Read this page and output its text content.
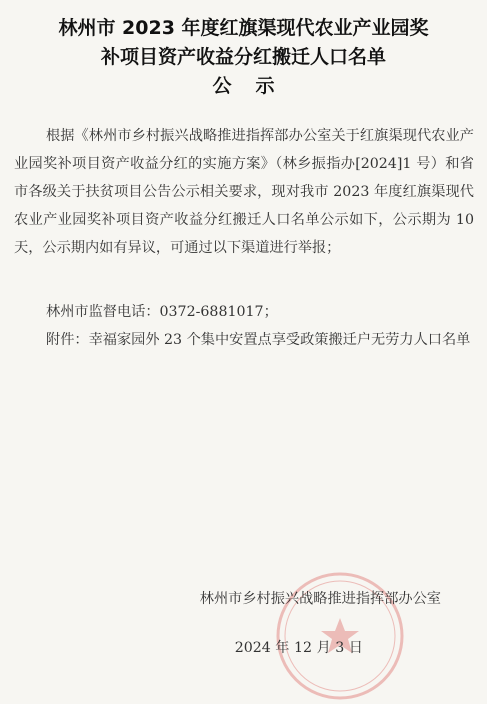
林州市 2023 年度红旗渠现代农业产业园奖
补项目资产收益分红搬迁人口名单
公示
根据《林州市乡村振兴战略推进指挥部办公室关于红旗渠现代农业产业园奖补项目资产收益分红的实施方案》（林乡振指办[2024]1 号）和省市各级关于扶贫项目公告公示相关要求，现对我市 2023 年度红旗渠现代农业产业园奖补项目资产收益分红搬迁人口名单公示如下，公示期为 10 天，公示期内如有异议，可通过以下渠道进行举报；
林州市监督电话：0372-6881017；
附件：幸福家园外 23 个集中安置点享受政策搬迁户无劳力人口名单
林州市乡村振兴战略推进指挥部办公室
2024 年 12 月 3 日
